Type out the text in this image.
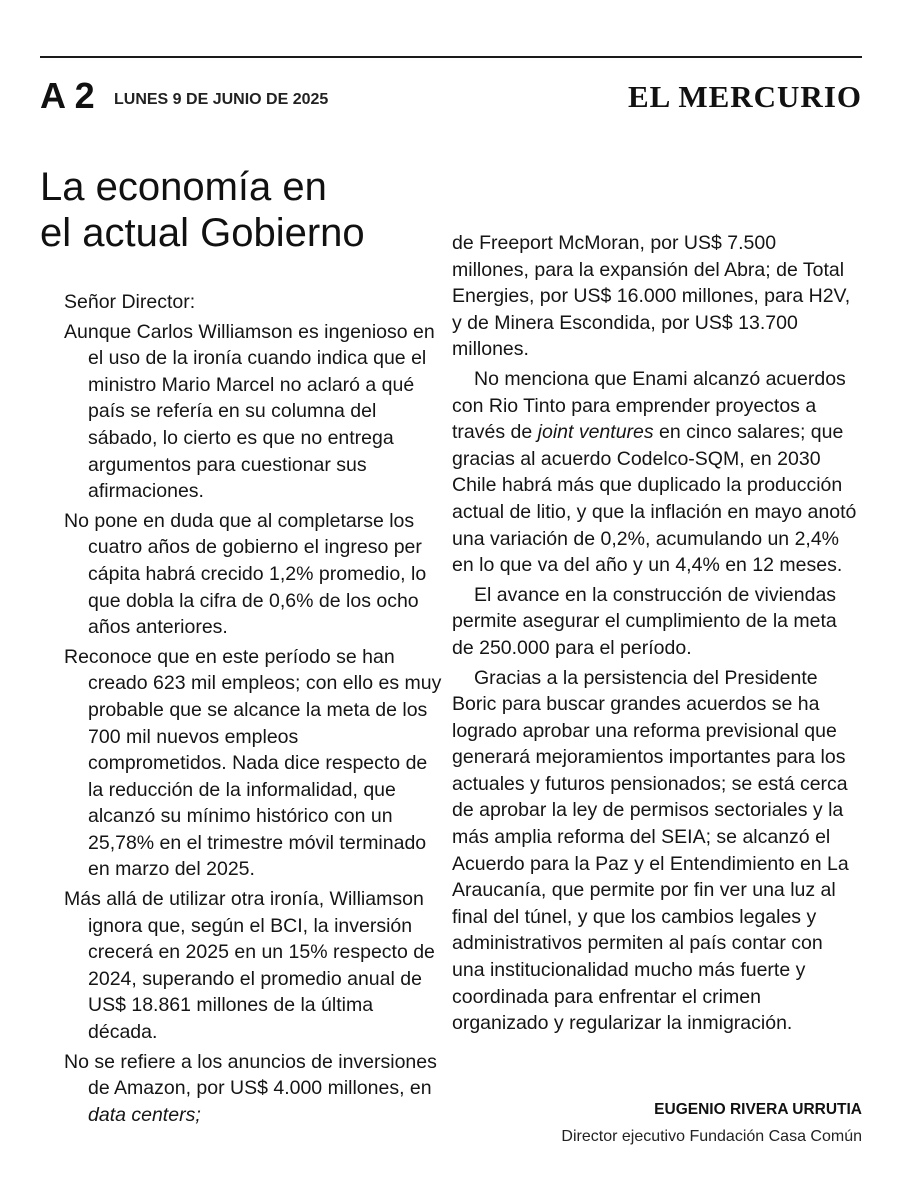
A 2 LUNES 9 DE JUNIO DE 2025	EL MERCURIO
La economía en
el actual Gobierno

Señor Director:

Aunque Carlos Williamson es ingenioso en el uso de la ironía cuando indica que el ministro Mario Marcel no aclaró a qué país se refería en su columna del sábado, lo cierto es que no entrega argumentos para cuestionar sus afirmaciones.

No pone en duda que al completarse los cuatro años de gobierno el ingreso per cápita habrá crecido 1,2% promedio, lo que dobla la cifra de 0,6% de los ocho años anteriores.

Reconoce que en este período se han creado 623 mil empleos; con ello es muy probable que se alcance la meta de los 700 mil nuevos empleos comprometidos. Nada dice respecto de la reducción de la informalidad, que alcanzó su mínimo histórico con un 25,78% en el trimestre móvil terminado en marzo del 2025.

Más allá de utilizar otra ironía, Williamson ignora que, según el BCI, la inversión crecerá en 2025 en un 15% respecto de 2024, superando el promedio anual de US$ 18.861 millones de la última década.

No se refiere a los anuncios de inversiones de Amazon, por US$ 4.000 millones, en data centers;	EUGENIO RIVERA URRUTIA
Director ejecutivo Fundación Casa Común

de Freeport McMoran, por US$ 7.500 millones, para la expansión del Abra; de Total Energies, por US$ 16.000 millones, para H2V, y de Minera Escondida, por US$ 13.700 millones.

No menciona que Enami alcanzó acuerdos con Rio Tinto para emprender proyectos a través de joint ventures en cinco salares; que gracias al acuerdo Codelco-SQM, en 2030 Chile habrá más que duplicado la producción actual de litio, y que la inflación en mayo anotó una variación de 0,2%, acumulando un 2,4% en lo que va del año y un 4,4% en 12 meses.

El avance en la construcción de viviendas permite asegurar el cumplimiento de la meta de 250.000 para el período.

Gracias a la persistencia del Presidente Boric para buscar grandes acuerdos se ha logrado aprobar una reforma previsional que generará mejoramientos importantes para los actuales y futuros pensionados; se está cerca de aprobar la ley de permisos sectoriales y la más amplia reforma del SEIA; se alcanzó el Acuerdo para la Paz y el Entendimiento en La Araucanía, que permite por fin ver una luz al final del túnel, y que los cambios legales y administrativos permiten al país contar con una institucionalidad mucho más fuerte y coordinada para enfrentar el crimen organizado y regularizar la inmigración.
